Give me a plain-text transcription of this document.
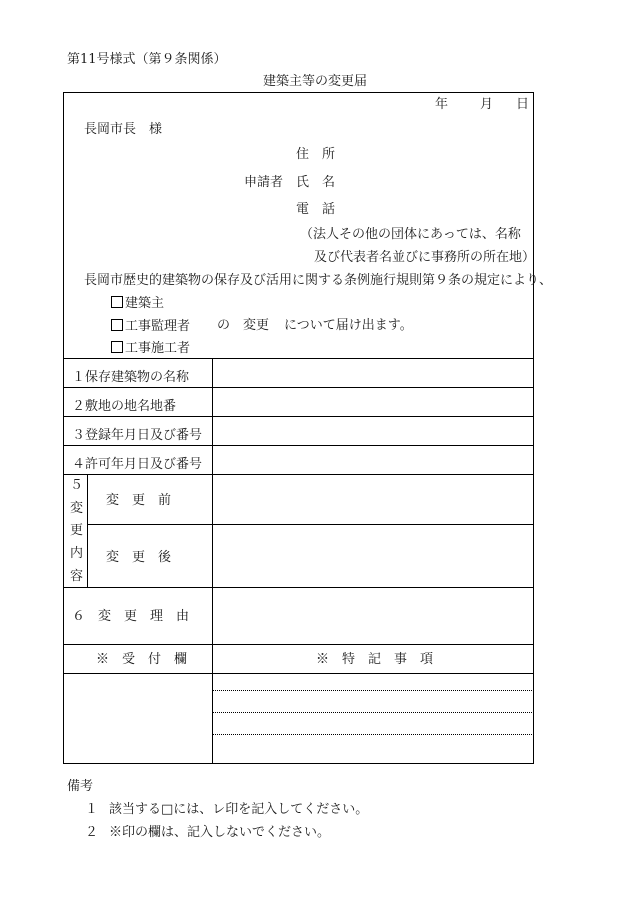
第11号様式（第９条関係）
建築主等の変更届
年 月 日
長岡市長　様
住　所
申請者 氏　名
電　話
（法人その他の団体にあっては、名称
及び代表者名並びに事務所の所在地）
長岡市歴史的建築物の保存及び活用に関する条例施行規則第９条の規定により、
建築主
工事監理者 の 変更 について届け出ます。
工事施工者
１保存建築物の名称
２敷地の地名地番
３登録年月日及び番号
４許可年月日及び番号
５
変
更
内
容
変　更　前
変　更　後
６　変　更　理　由
※　受　付　欄	※　特　記　事　項
備考
１ 該当する□には、レ印を記入してください。
２ ※印の欄は、記入しないでください。
